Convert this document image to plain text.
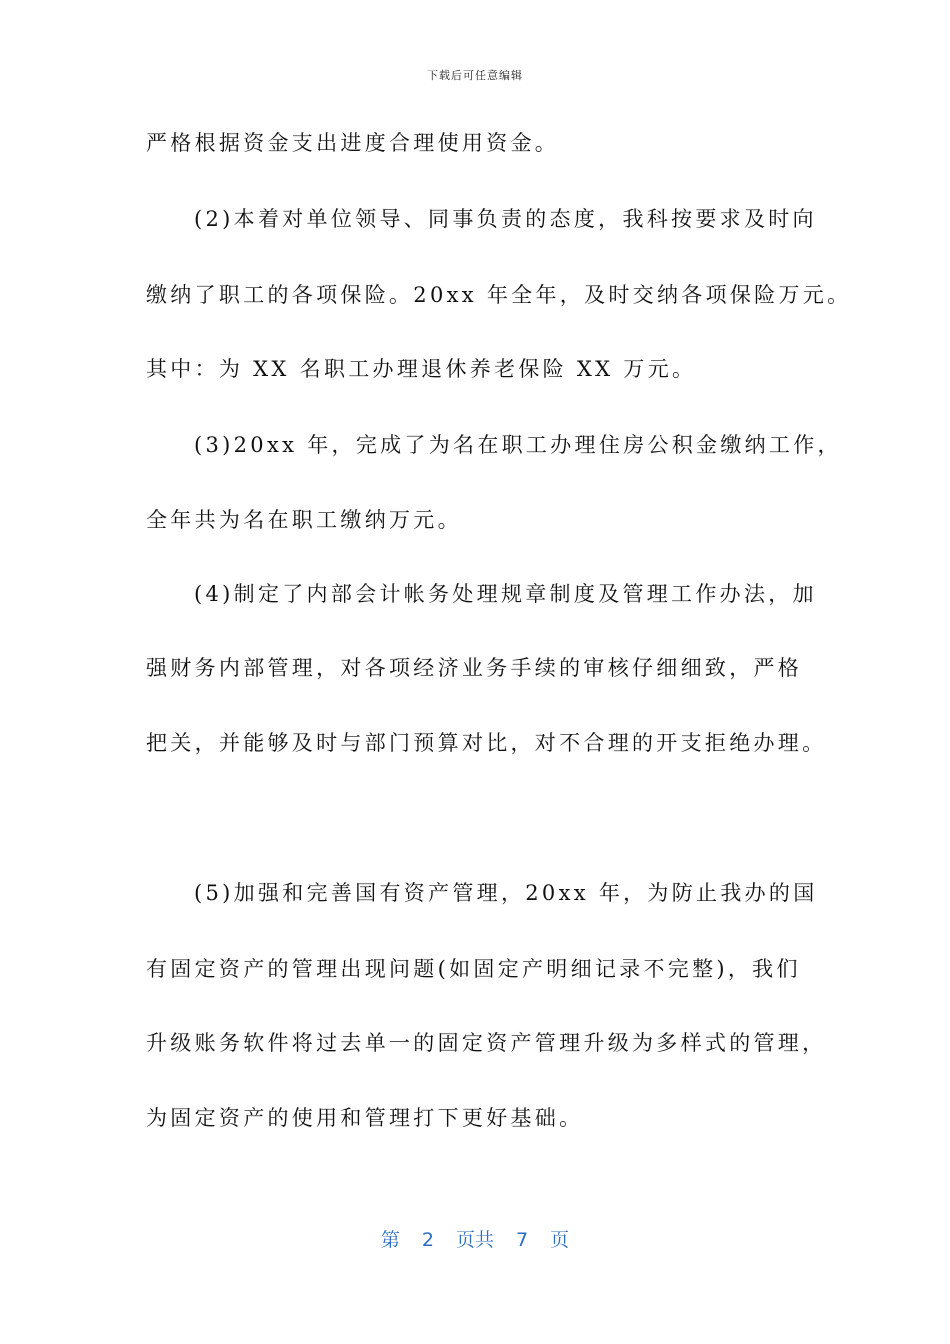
下载后可任意编辑
严格根据资金支出进度合理使用资金。
(2)本着对单位领导、同事负责的态度，我科按要求及时向
缴纳了职工的各项保险。20xx 年全年，及时交纳各项保险万元。
其中：为 XX 名职工办理退休养老保险 XX 万元。
(3)20xx 年，完成了为名在职工办理住房公积金缴纳工作，
全年共为名在职工缴纳万元。
(4)制定了内部会计帐务处理规章制度及管理工作办法，加
强财务内部管理，对各项经济业务手续的审核仔细细致，严格
把关，并能够及时与部门预算对比，对不合理的开支拒绝办理。
(5)加强和完善国有资产管理，20xx 年，为防止我办的国
有固定资产的管理出现问题(如固定产明细记录不完整)，我们
升级账务软件将过去单一的固定资产管理升级为多样式的管理，
为固定资产的使用和管理打下更好基础。
第 2 页共 7 页
